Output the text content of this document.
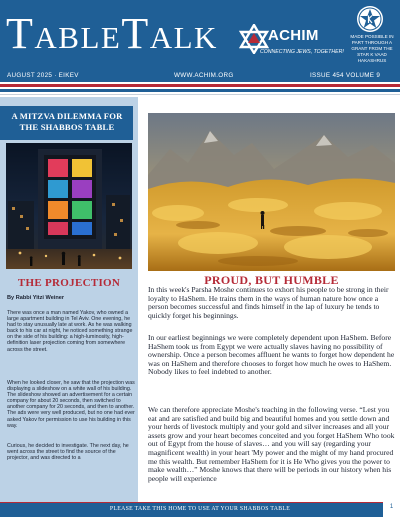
TableTalk	ACHIM
CONNECTING JEWS, TOGETHER!
MADE POSSIBLE IN PART THROUGH A GRANT FROM THE STAR K VAAD HAKASHRUS
AUGUST 2025 · EIKEV	WWW.ACHIM.ORG	ISSUE 454 VOLUME 9
A MITZVA DILEMMA FOR THE SHABBOS TABLE
THE PROJECTION
By Rabbi Yitzi Weiner

There was once a man named Yakov, who owned a large apartment building in Tel Aviv. One evening, he had to stay unusually late at work. As he was walking back to his car at night, he noticed something strange on the side of his building: a high-luminosity, high-definition laser projection coming from somewhere across the street.

When he looked closer, he saw that the projection was displaying a slideshow on a white wall of his building. The slideshow showed an advertisement for a certain company for about 20 seconds, then switched to another company for 20 seconds, and then to another. The ads were very well produced, but no one had ever asked Yakov for permission to use his building in this way.

Curious, he decided to investigate. The next day, he went across the street to find the source of the projector, and was directed to a

PROUD, BUT HUMBLE

In this week's Parsha Moshe continues to exhort his people to be strong in their loyalty to HaShem. He trains them in the ways of human nature how once a person becomes successful and finds himself in the lap of luxury he tends to quickly forget his beginnings.

In our earliest beginnings we were completely dependent upon HaShem. Before HaShem took us from Egypt we were actually slaves having no possibility of ownership. Once a person becomes affluent he wants to forget how dependent he was on HaShem and therefore chooses to forget how much he owes to HaShem. Nobody likes to feel indebted to another.

We can therefore appreciate Moshe's teaching in the following verse. “Lest you eat and are satisfied and build big and beautiful homes and you settle down and your herds of livestock multiply and your gold and silver increases and all your assets grow and your heart becomes conceited and you forget HaShem Who took out of Egypt from the house of slaves… and you will say (regarding your magnificent wealth) in your heart 'My power and the might of my hand procured me this wealth. But remember HaShem for it is He Who gives you the power to make wealth…” Moshe knows that there will be periods in our history when his people will experience

PLEASE TAKE THIS HOME TO USE AT YOUR SHABBOS TABLE	1
